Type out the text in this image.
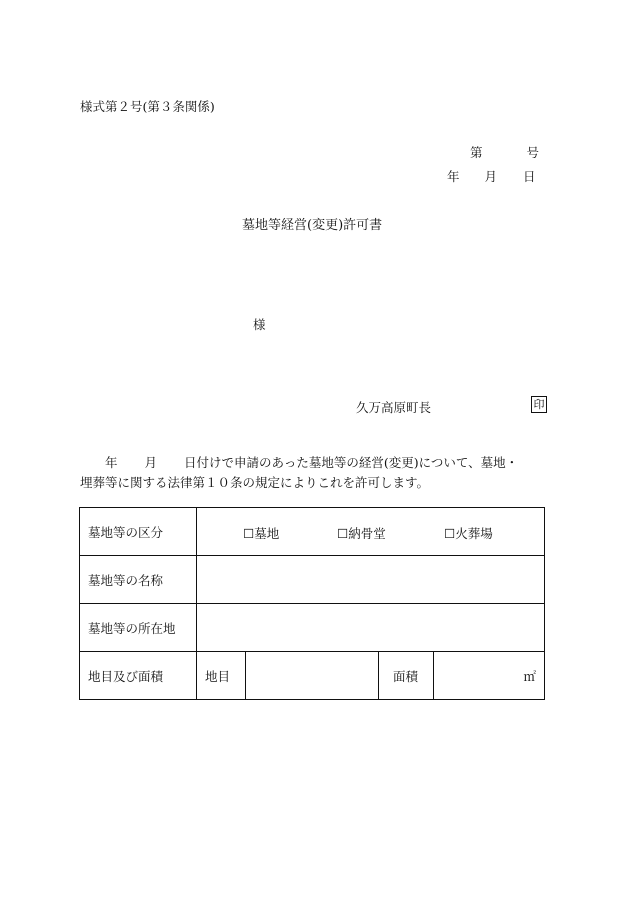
様式第２号(第３条関係)
第	号
年 月 日
墓地等経営(変更)許可書
様
久万高原町長	印
年 月 日付けで申請のあった墓地等の経営(変更)について、墓地・
埋葬等に関する法律第１０条の規定によりこれを許可します。
墓地等の区分	☐墓地 ☐納骨堂 ☐火葬場			

墓地等の名称				
墓地等の所在地				
地目及び面積	地目		面積	㎡
